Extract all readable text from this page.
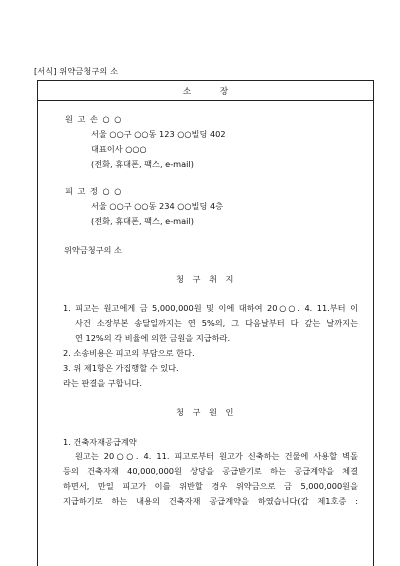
[서식] 위약금청구의 소
소 장
원 고 손 ○ ○
서울 ○○구 ○○동 123 ○○빌딩 402
대표이사 ○○○
(전화, 휴대폰, 팩스, e-mail)
피 고 정 ○ ○
서울 ○○구 ○○동 234 ○○빌딩 4층
(전화, 휴대폰, 팩스, e-mail)
위약금청구의 소
청 구 취 지
1. 피고는 원고에게 금 5,000,000원 및 이에 대하여 20○○. 4. 11.부터 이
사건 소장부본 송달일까지는 연 5%의, 그 다음날부터 다 갚는 날까지는
연 12%의 각 비율에 의한 금원을 지급하라.
2. 소송비용은 피고의 부담으로 한다.
3. 위 제1항은 가집행할 수 있다.
라는 판결을 구합니다.
청 구 원 인
1. 건축자재공급계약
원고는 20○○. 4. 11. 피고로부터 원고가 신축하는 건물에 사용할 벽돌
등의 건축자재 40,000,000원 상당을 공급받기로 하는 공급계약을 체결
하면서, 만일 피고가 이를 위반할 경우 위약금으로 금 5,000,000원을
지급하기로 하는 내용의 건축자재 공급계약을 하였습니다(갑 제1호증 :
